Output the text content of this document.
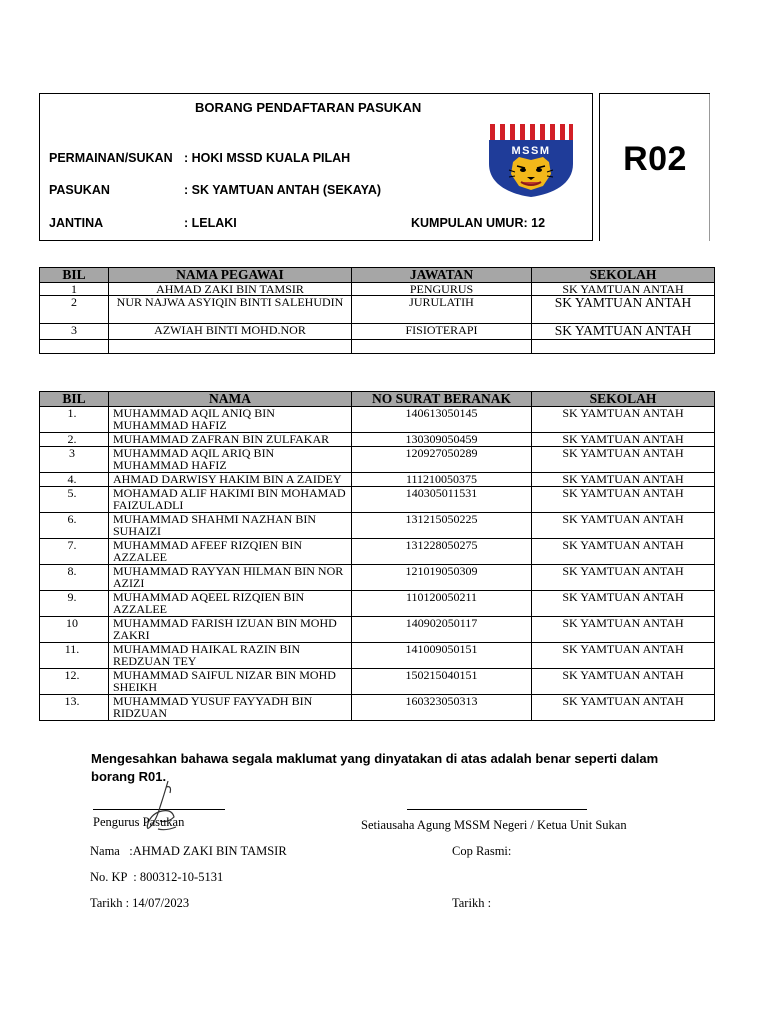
BORANG PENDAFTARAN PASUKAN
PERMAINAN/SUKAN : HOKI MSSD KUALA PILAH
PASUKAN	: SK YAMTUAN ANTAH (SEKAYA)
JANTINA	: LELAKI	KUMPULAN UMUR: 12
MSSM	R02
BIL	NAMA PEGAWAI	JAWATAN	SEKOLAH
1	AHMAD ZAKI BIN TAMSIR	PENGURUS	SK YAMTUAN ANTAH
2	NUR NAJWA ASYIQIN BINTI SALEHUDIN	JURULATIH	SK YAMTUAN ANTAH
3	AZWIAH BINTI MOHD.NOR	FISIOTERAPI	SK YAMTUAN ANTAH

BIL	NAMA	NO SURAT BERANAK	SEKOLAH
1.	MUHAMMAD AQIL ANIQ BIN MUHAMMAD HAFIZ	140613050145	SK YAMTUAN ANTAH
2.	MUHAMMAD ZAFRAN BIN ZULFAKAR	130309050459	SK YAMTUAN ANTAH
3	MUHAMMAD AQIL ARIQ BIN MUHAMMAD HAFIZ	120927050289	SK YAMTUAN ANTAH
4.	AHMAD DARWISY HAKIM BIN A ZAIDEY	111210050375	SK YAMTUAN ANTAH
5.	MOHAMAD ALIF HAKIMI BIN MOHAMAD FAIZULADLI	140305011531	SK YAMTUAN ANTAH
6.	MUHAMMAD SHAHMI NAZHAN BIN SUHAIZI	131215050225	SK YAMTUAN ANTAH
7.	MUHAMMAD AFEEF RIZQIEN BIN AZZALEE	131228050275	SK YAMTUAN ANTAH
8.	MUHAMMAD RAYYAN HILMAN BIN NOR AZIZI	121019050309	SK YAMTUAN ANTAH
9.	MUHAMMAD AQEEL RIZQIEN BIN AZZALEE	110120050211	SK YAMTUAN ANTAH
10	MUHAMMAD FARISH IZUAN BIN MOHD ZAKRI	140902050117	SK YAMTUAN ANTAH
11.	MUHAMMAD HAIKAL RAZIN BIN REDZUAN TEY	141009050151	SK YAMTUAN ANTAH
12.	MUHAMMAD SAIFUL NIZAR BIN MOHD SHEIKH	150215040151	SK YAMTUAN ANTAH
13.	MUHAMMAD YUSUF FAYYADH BIN RIDZUAN	160323050313	SK YAMTUAN ANTAH
Mengesahkan bahawa segala maklumat yang dinyatakan di atas adalah benar seperti dalam borang R01.
Pengurus Pasukan	Setiausaha Agung MSSM Negeri / Ketua Unit Sukan
Nama   :AHMAD ZAKI BIN TAMSIR	Cop Rasmi:
No. KP  : 800312-10-5131
Tarikh : 14/07/2023	Tarikh :
